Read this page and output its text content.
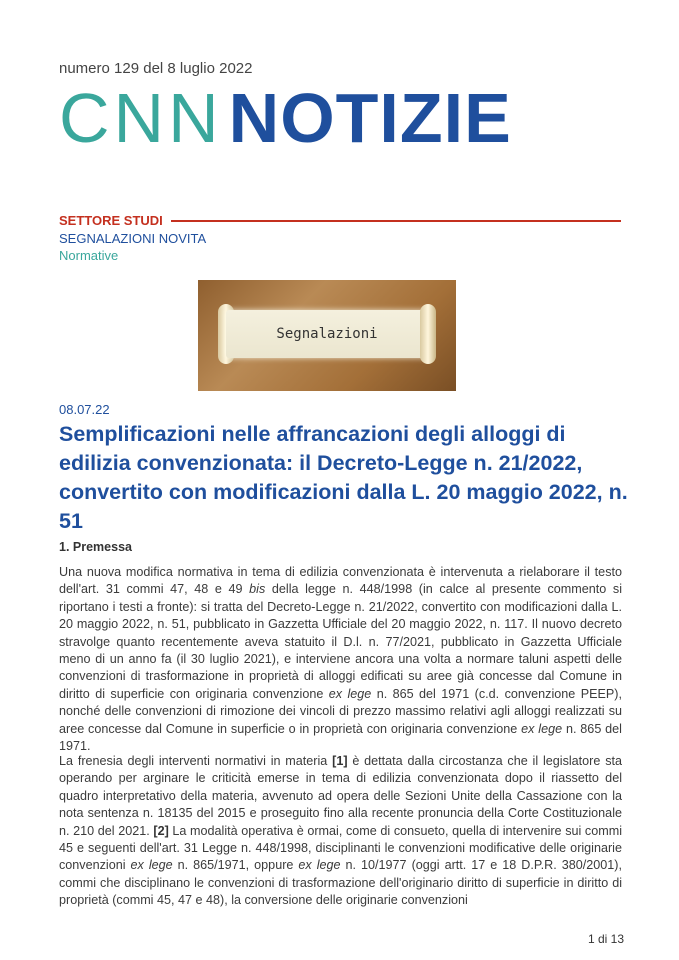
numero 129 del 8 luglio 2022
CNN NOTIZIE
SETTORE STUDI
SEGNALAZIONI NOVITA
Normative
Segnalazioni
08.07.22
Semplificazioni nelle affrancazioni degli alloggi di edilizia convenzionata: il Decreto-Legge n. 21/2022, convertito con modificazioni dalla L. 20 maggio 2022, n. 51
1. Premessa

Una nuova modifica normativa in tema di edilizia convenzionata è intervenuta a rielaborare il testo dell'art. 31 commi 47, 48 e 49 bis della legge n. 448/1998 (in calce al presente commento si riportano i testi a fronte): si tratta del Decreto-Legge n. 21/2022, convertito con modificazioni dalla L. 20 maggio 2022, n. 51, pubblicato in Gazzetta Ufficiale del 20 maggio 2022, n. 117. Il nuovo decreto stravolge quanto recentemente aveva statuito il D.l. n. 77/2021, pubblicato in Gazzetta Ufficiale meno di un anno fa (il 30 luglio 2021), e interviene ancora una volta a normare taluni aspetti delle convenzioni di trasformazione in proprietà di alloggi edificati su aree già concesse dal Comune in diritto di superficie con originaria convenzione ex lege n. 865 del 1971 (c.d. convenzione PEEP), nonché delle convenzioni di rimozione dei vincoli di prezzo massimo relativi agli alloggi realizzati su aree concesse dal Comune in superficie o in proprietà con originaria convenzione ex lege n. 865 del 1971.

La frenesia degli interventi normativi in materia [1] è dettata dalla circostanza che il legislatore sta operando per arginare le criticità emerse in tema di edilizia convenzionata dopo il riassetto del quadro interpretativo della materia, avvenuto ad opera delle Sezioni Unite della Cassazione con la nota sentenza n. 18135 del 2015 e proseguito fino alla recente pronuncia della Corte Costituzionale n. 210 del 2021. [2] La modalità operativa è ormai, come di consueto, quella di intervenire sui commi 45 e seguenti dell'art. 31 Legge n. 448/1998, disciplinanti le convenzioni modificative delle originarie convenzioni ex lege n. 865/1971, oppure ex lege n. 10/1977 (oggi artt. 17 e 18 D.P.R. 380/2001), commi che disciplinano le convenzioni di trasformazione dell'originario diritto di superficie in diritto di proprietà (commi 45, 47 e 48), la conversione delle originarie convenzioni

1 di 13
